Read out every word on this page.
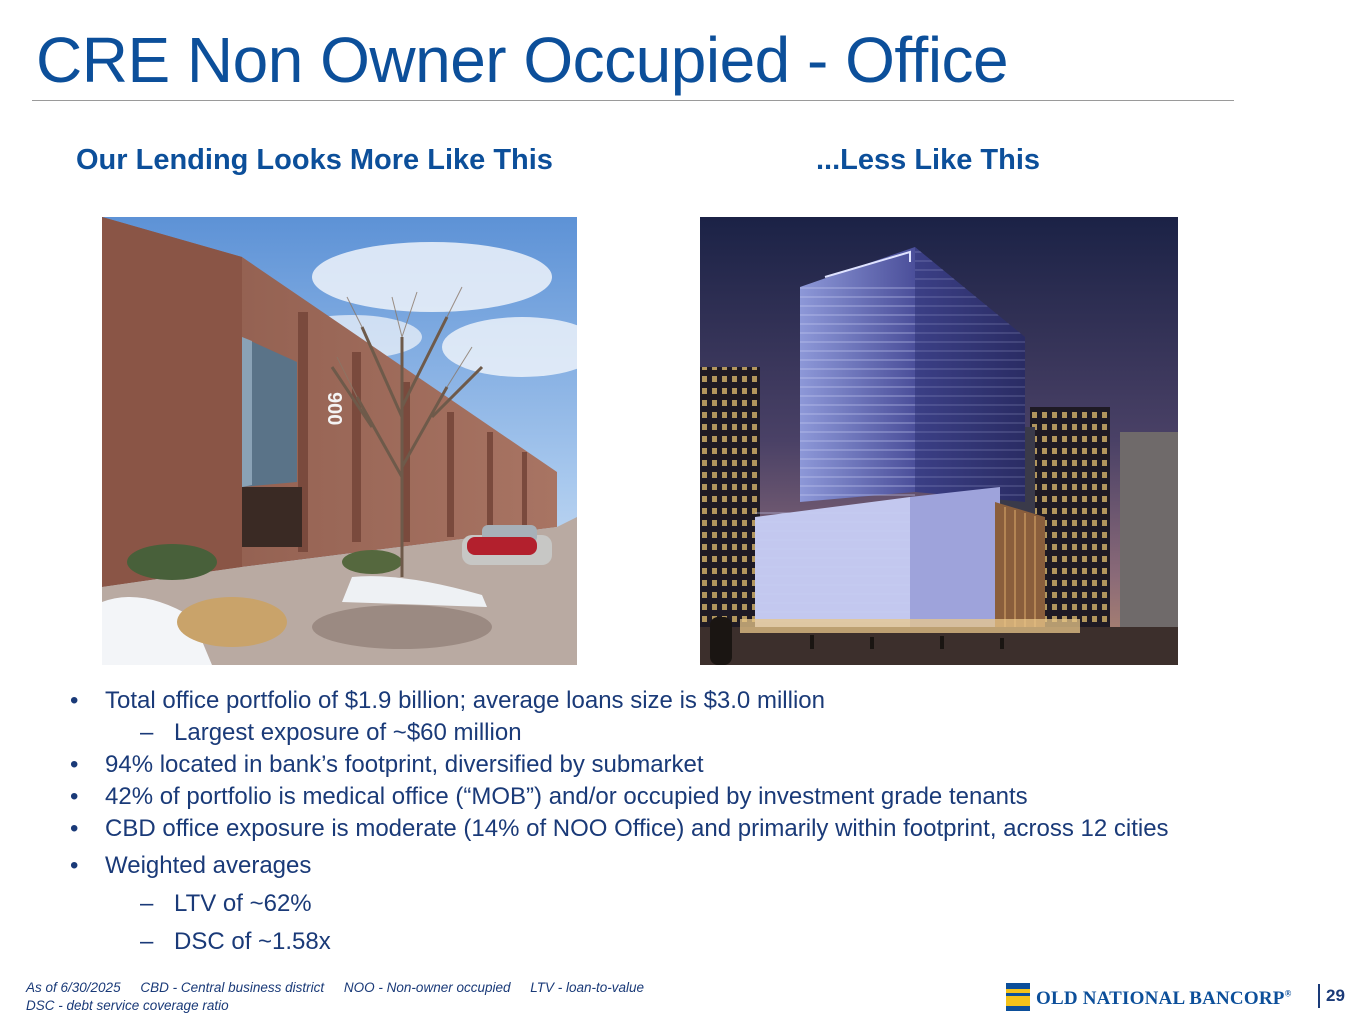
CRE Non Owner Occupied - Office
Our Lending Looks More Like This	...Less Like This
900
• Total office portfolio of $1.9 billion; average loans size is $3.0 million
– Largest exposure of ~$60 million
• 94% located in bank’s footprint, diversified by submarket
• 42% of portfolio is medical office (“MOB”) and/or occupied by investment grade tenants
• CBD office exposure is moderate (14% of NOO Office) and primarily within footprint, across 12 cities
• Weighted averages
– LTV of ~62%
– DSC of ~1.58x
As of 6/30/2025 CBD - Central business district NOO - Non-owner occupied LTV - loan-to-value
DSC - debt service coverage ratio	OLD NATIONAL BANCORP® 29
